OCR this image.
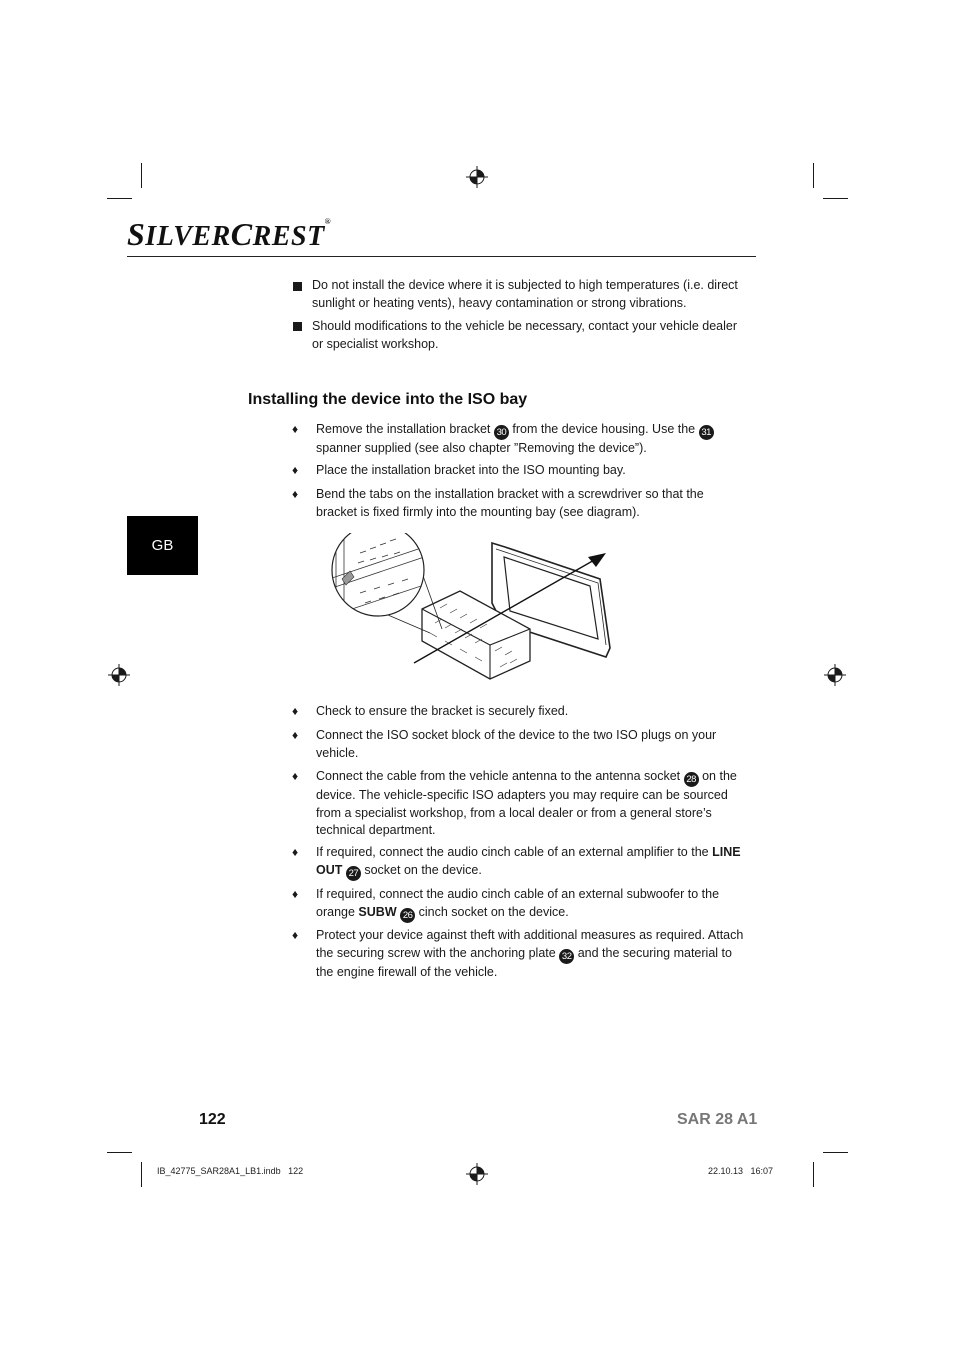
SILVERCREST®
Do not install the device where it is subjected to high temperatures (i.e. direct sunlight or heating vents), heavy contamination or strong vibrations.
Should modifications to the vehicle be necessary, contact your vehicle dealer or specialist workshop.
Installing the device into the ISO bay
♦ Remove the installation bracket 30 from the device housing. Use the 31 spanner supplied (see also chapter ”Removing the device”).
♦ Place the installation bracket into the ISO mounting bay.
♦ Bend the tabs on the installation bracket with a screwdriver so that the bracket is fixed firmly into the mounting bay (see diagram).
♦ Check to ensure the bracket is securely fixed.
♦ Connect the ISO socket block of the device to the two ISO plugs on your vehicle.
♦ Connect the cable from the vehicle antenna to the antenna socket 28 on the device. The vehicle-specific ISO adapters you may require can be sourced from a specialist workshop, from a local dealer or from a general store’s technical department.
♦ If required, connect the audio cinch cable of an external amplifier to the LINE OUT 27 socket on the device.
♦ If required, connect the audio cinch cable of an external subwoofer to the orange SUBW 26 cinch socket on the device.
♦ Protect your device against theft with additional measures as required. Attach the securing screw with the anchoring plate 32 and the securing material to the engine firewall of the vehicle.
GB
122	SAR 28 A1
IB_42775_SAR28A1_LB1.indb   122	22.10.13   16:07
